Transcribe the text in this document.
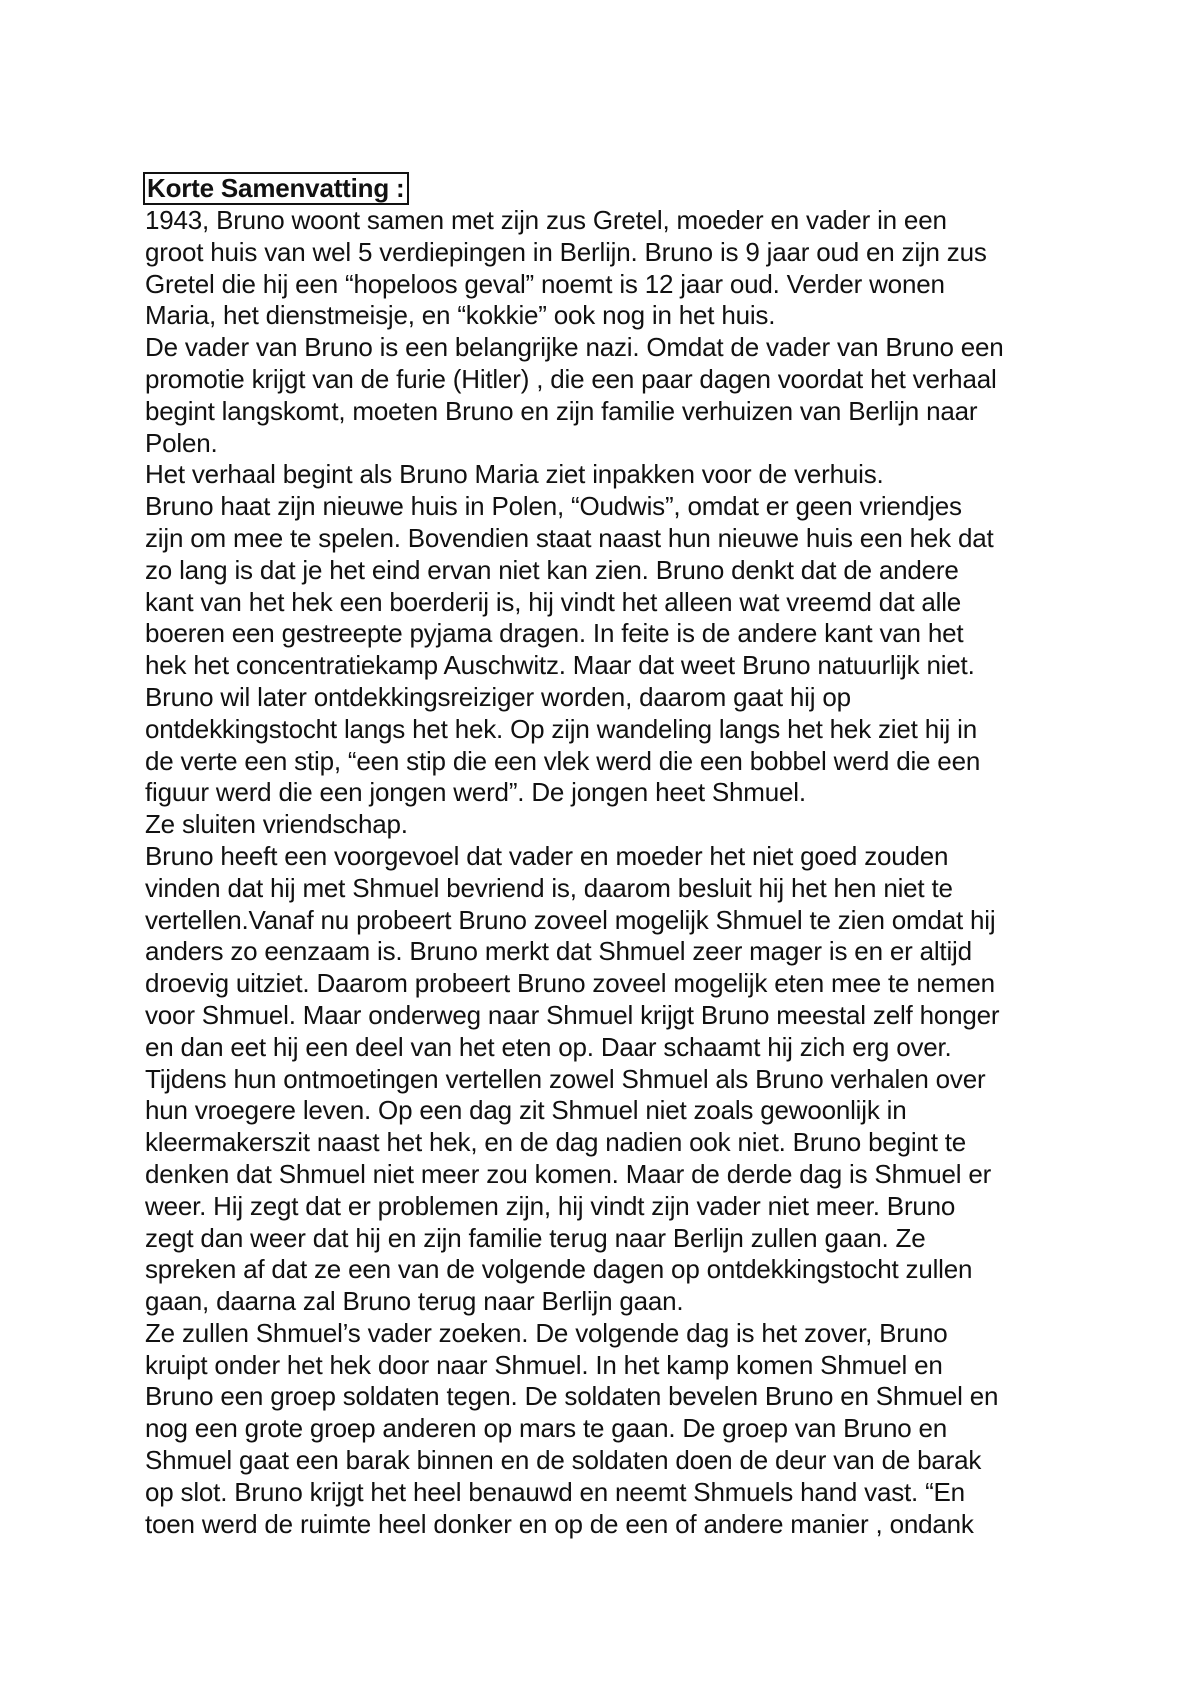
Korte Samenvatting :
1943, Bruno woont samen met zijn zus Gretel, moeder en vader in een
groot huis van wel 5 verdiepingen in Berlijn. Bruno is 9 jaar oud en zijn zus
Gretel die hij een “hopeloos geval” noemt is 12 jaar oud. Verder wonen
Maria, het dienstmeisje, en “kokkie” ook nog in het huis.
De vader van Bruno is een belangrijke nazi. Omdat de vader van Bruno een
promotie krijgt van de furie (Hitler) , die een paar dagen voordat het verhaal
begint langskomt, moeten Bruno en zijn familie verhuizen van Berlijn naar
Polen.
Het verhaal begint als Bruno Maria ziet inpakken voor de verhuis.
Bruno haat zijn nieuwe huis in Polen, “Oudwis”, omdat er geen vriendjes
zijn om mee te spelen. Bovendien staat naast hun nieuwe huis een hek dat
zo lang is dat je het eind ervan niet kan zien. Bruno denkt dat de andere
kant van het hek een boerderij is, hij vindt het alleen wat vreemd dat alle
boeren een gestreepte pyjama dragen. In feite is de andere kant van het
hek het concentratiekamp Auschwitz. Maar dat weet Bruno natuurlijk niet.
Bruno wil later ontdekkingsreiziger worden, daarom gaat hij op
ontdekkingstocht langs het hek. Op zijn wandeling langs het hek ziet hij in
de verte een stip, “een stip die een vlek werd die een bobbel werd die een
figuur werd die een jongen werd”. De jongen heet Shmuel.
Ze sluiten vriendschap.
Bruno heeft een voorgevoel dat vader en moeder het niet goed zouden
vinden dat hij met Shmuel bevriend is, daarom besluit hij het hen niet te
vertellen.Vanaf nu probeert Bruno zoveel mogelijk Shmuel te zien omdat hij
anders zo eenzaam is. Bruno merkt dat Shmuel zeer mager is en er altijd
droevig uitziet. Daarom probeert Bruno zoveel mogelijk eten mee te nemen
voor Shmuel. Maar onderweg naar Shmuel krijgt Bruno meestal zelf honger
en dan eet hij een deel van het eten op. Daar schaamt hij zich erg over.
Tijdens hun ontmoetingen vertellen zowel Shmuel als Bruno verhalen over
hun vroegere leven. Op een dag zit Shmuel niet zoals gewoonlijk in
kleermakerszit naast het hek, en de dag nadien ook niet. Bruno begint te
denken dat Shmuel niet meer zou komen. Maar de derde dag is Shmuel er
weer. Hij zegt dat er problemen zijn, hij vindt zijn vader niet meer. Bruno
zegt dan weer dat hij en zijn familie terug naar Berlijn zullen gaan. Ze
spreken af dat ze een van de volgende dagen op ontdekkingstocht zullen
gaan, daarna zal Bruno terug naar Berlijn gaan.
Ze zullen Shmuel’s vader zoeken. De volgende dag is het zover, Bruno
kruipt onder het hek door naar Shmuel. In het kamp komen Shmuel en
Bruno een groep soldaten tegen. De soldaten bevelen Bruno en Shmuel en
nog een grote groep anderen op mars te gaan. De groep van Bruno en
Shmuel gaat een barak binnen en de soldaten doen de deur van de barak
op slot. Bruno krijgt het heel benauwd en neemt Shmuels hand vast. “En
toen werd de ruimte heel donker en op de een of andere manier , ondank
